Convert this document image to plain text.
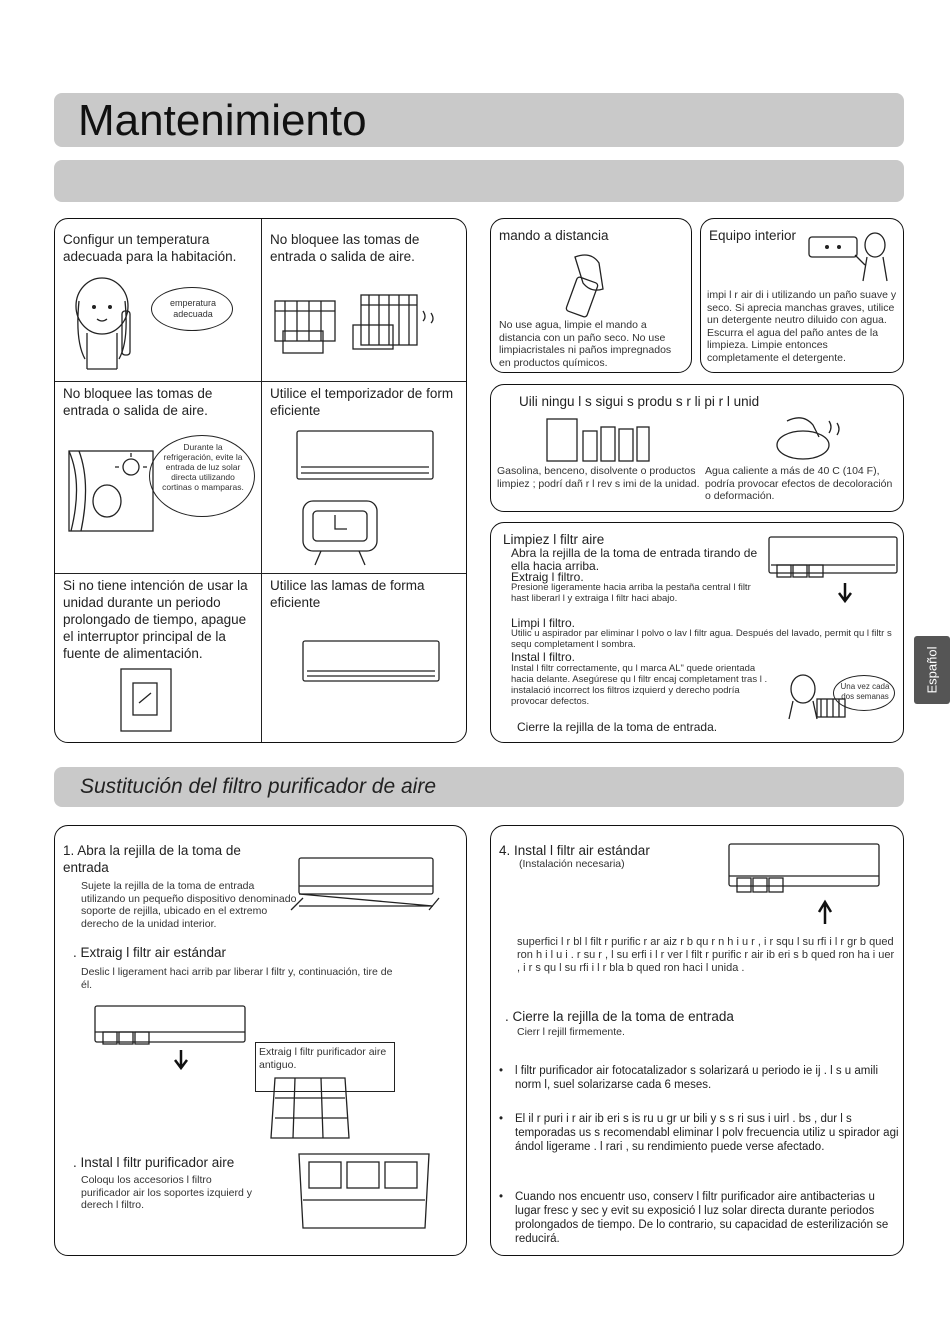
Mantenimiento
Configur un temperatura adecuada para la habitación.
No bloquee las tomas de entrada o salida de aire.
No bloquee las tomas de entrada o salida de aire.
Utilice el temporizador de form eficiente
Si no tiene intención de usar la unidad durante un periodo prolongado de tiempo, apague el interruptor principal de la fuente de alimentación.
Utilice las lamas de forma eficiente
emperatura adecuada
Durante la refrigeración, evite la entrada de luz solar directa utilizando cortinas o mamparas.
mando a distancia
No use agua, limpie el mando a distancia con un paño seco. No use limpiacristales ni paños impregnados en productos químicos.
Equipo interior
impi l r air di i utilizando un paño suave y seco. Si aprecia manchas graves, utilice un detergente neutro diluido con agua. Escurra el agua del paño antes de la limpieza. Limpie entonces completamente el detergente.
Uili ningu l s sigui s produ s r li pi r l unid
Gasolina, benceno, disolvente o productos limpiez ; podrí dañ r l rev s imi de la unidad.
Agua caliente a más de 40 C (104 F), podría provocar efectos de decoloración o deformación.
Limpiez l filtr aire
Abra la rejilla de la toma de entrada tirando de ella hacia arriba.
Extraig l filtro.
Presione ligeramente hacia arriba la pestaña central l filtr hast liberarl l y extraiga l filtr haci abajo.
Limpi l filtro.
Utilic u aspirador par eliminar l polvo o lav l filtr agua. Después del lavado, permit qu l filtr s sequ completament l sombra.
Instal l filtro.
Instal l filtr correctamente, qu l marca AL" quede orientada hacia delante. Asegúrese qu l filtr encaj completament tras l . instalació incorrect los filtros izquierd y derecho podría provocar defectos.
Cierre la rejilla de la toma de entrada.
Una vez cada dos semanas
Español
Sustitución del filtro purificador de aire
1. Abra la rejilla de la toma de entrada
Sujete la rejilla de la toma de entrada utilizando un pequeño dispositivo denominado soporte de rejilla, ubicado en el extremo derecho de la unidad interior.
. Extraig l filtr air estándar
Deslic l ligerament haci arrib par liberar l filtr y, continuación, tire de él.
Extraig l filtr purificador aire antiguo.
. Instal l filtr purificador aire
Coloqu los accesorios l filtro purificador air los soportes izquierd y derech l filtro.
4. Instal l filtr air estándar
(Instalación necesaria)
superfici l r bl l filt r purific r ar aiz r b qu r n h i u r , i r squ l su rfi i l r gr b qued ron h i l u i . r su r , l su erfi i l r ver l filt r purific r air ib eri s b qued ron ha i uer , i r s qu l su rfi i l r bla b qued ron haci l unida .
. Cierre la rejilla de la toma de entrada
Cierr l rejill firmemente.
• l filtr purificador air fotocatalizador s solarizará u periodo ie ij . l s u amili norm l, suel solarizarse cada 6 meses.
• El il r puri i r air ib eri s is ru u gr ur bili y s s ri sus i uirl . bs , dur l s temporadas us s recomendabl eliminar l polv frecuencia utiliz u spirador agi ándol ligerame . l rari , su rendimiento puede verse afectado.
• Cuando nos encuentr uso, conserv l filtr purificador aire antibacterias u lugar fresc y sec y evit su exposició l luz solar directa durante periodos prolongados de tiempo. De lo contrario, su capacidad de esterilización se reducirá.
